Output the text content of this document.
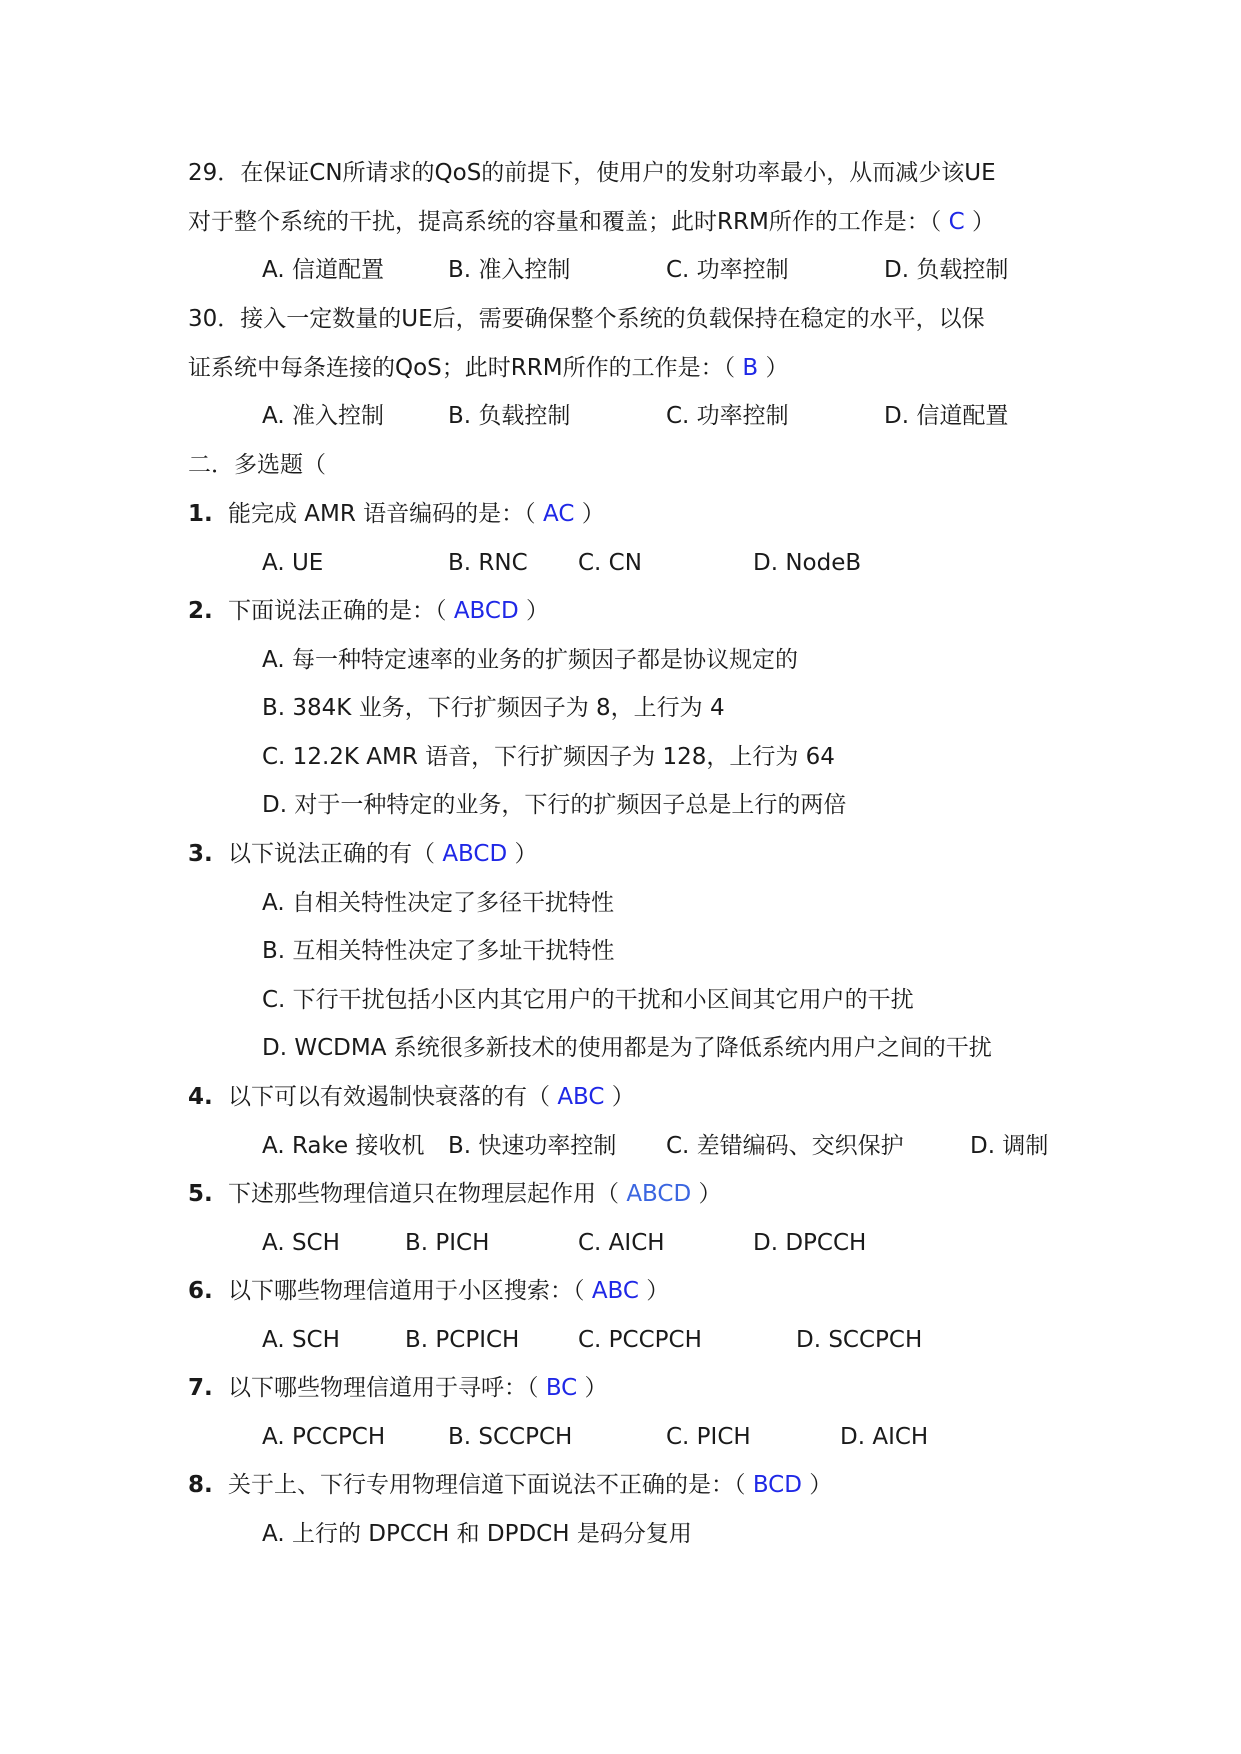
29．在保证CN所请求的QoS的前提下，使用户的发射功率最小，从而减少该UE
对于整个系统的干扰，提高系统的容量和覆盖；此时RRM所作的工作是：（ C ）
A. 信道配置	B. 准入控制	C. 功率控制	D. 负载控制
30．接入一定数量的UE后，需要确保整个系统的负载保持在稳定的水平，以保
证系统中每条连接的QoS；此时RRM所作的工作是：（ B ）
A. 准入控制	B. 负载控制	C. 功率控制	D. 信道配置
二．多选题（
1. 能完成 AMR 语音编码的是：（ AC ）
A. UE	B. RNC C. CN	D. NodeB
2. 下面说法正确的是：（ ABCD ）
A. 每一种特定速率的业务的扩频因子都是协议规定的
B. 384K 业务，下行扩频因子为 8，上行为 4
C. 12.2K AMR 语音，下行扩频因子为 128，上行为 64
D. 对于一种特定的业务，下行的扩频因子总是上行的两倍
3. 以下说法正确的有（ ABCD ）
A. 自相关特性决定了多径干扰特性
B. 互相关特性决定了多址干扰特性
C. 下行干扰包括小区内其它用户的干扰和小区间其它用户的干扰
D. WCDMA 系统很多新技术的使用都是为了降低系统内用户之间的干扰
4. 以下可以有效遏制快衰落的有（ ABC ）
A. Rake 接收机 B. 快速功率控制 C. 差错编码、交织保护	D. 调制
5. 下述那些物理信道只在物理层起作用（ ABCD ）
A. SCH	B. PICH	C. AICH	D. DPCCH
6. 以下哪些物理信道用于小区搜索：（ ABC ）
A. SCH	B. PCPICH	C. PCCPCH	D. SCCPCH
7. 以下哪些物理信道用于寻呼：（ BC ）
A. PCCPCH	B. SCCPCH	C. PICH	D. AICH
8. 关于上、下行专用物理信道下面说法不正确的是：（ BCD ）
A. 上行的 DPCCH 和 DPDCH 是码分复用
